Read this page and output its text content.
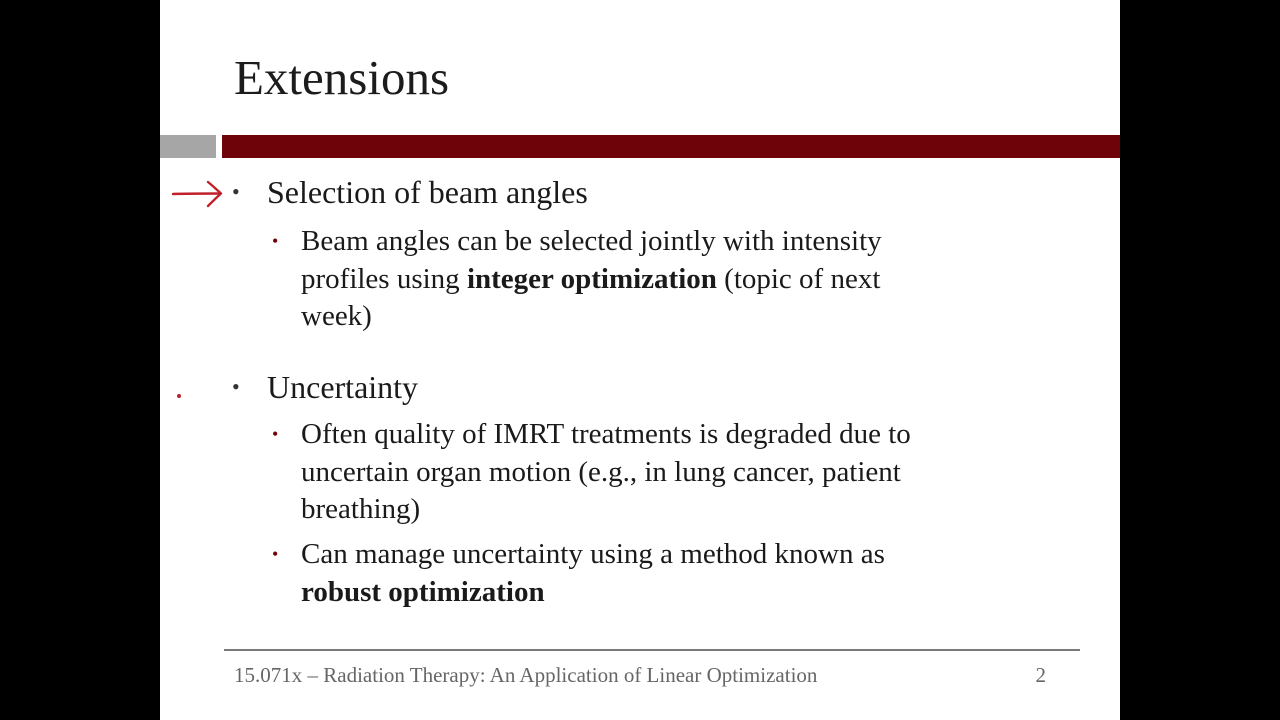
Extensions
• Selection of beam angles
• Beam angles can be selected jointly with intensity
profiles using integer optimization (topic of next
week)
• Uncertainty
• Often quality of IMRT treatments is degraded due to
uncertain organ motion (e.g., in lung cancer, patient
breathing)
• Can manage uncertainty using a method known as
robust optimization
15.071x – Radiation Therapy: An Application of Linear Optimization	2
